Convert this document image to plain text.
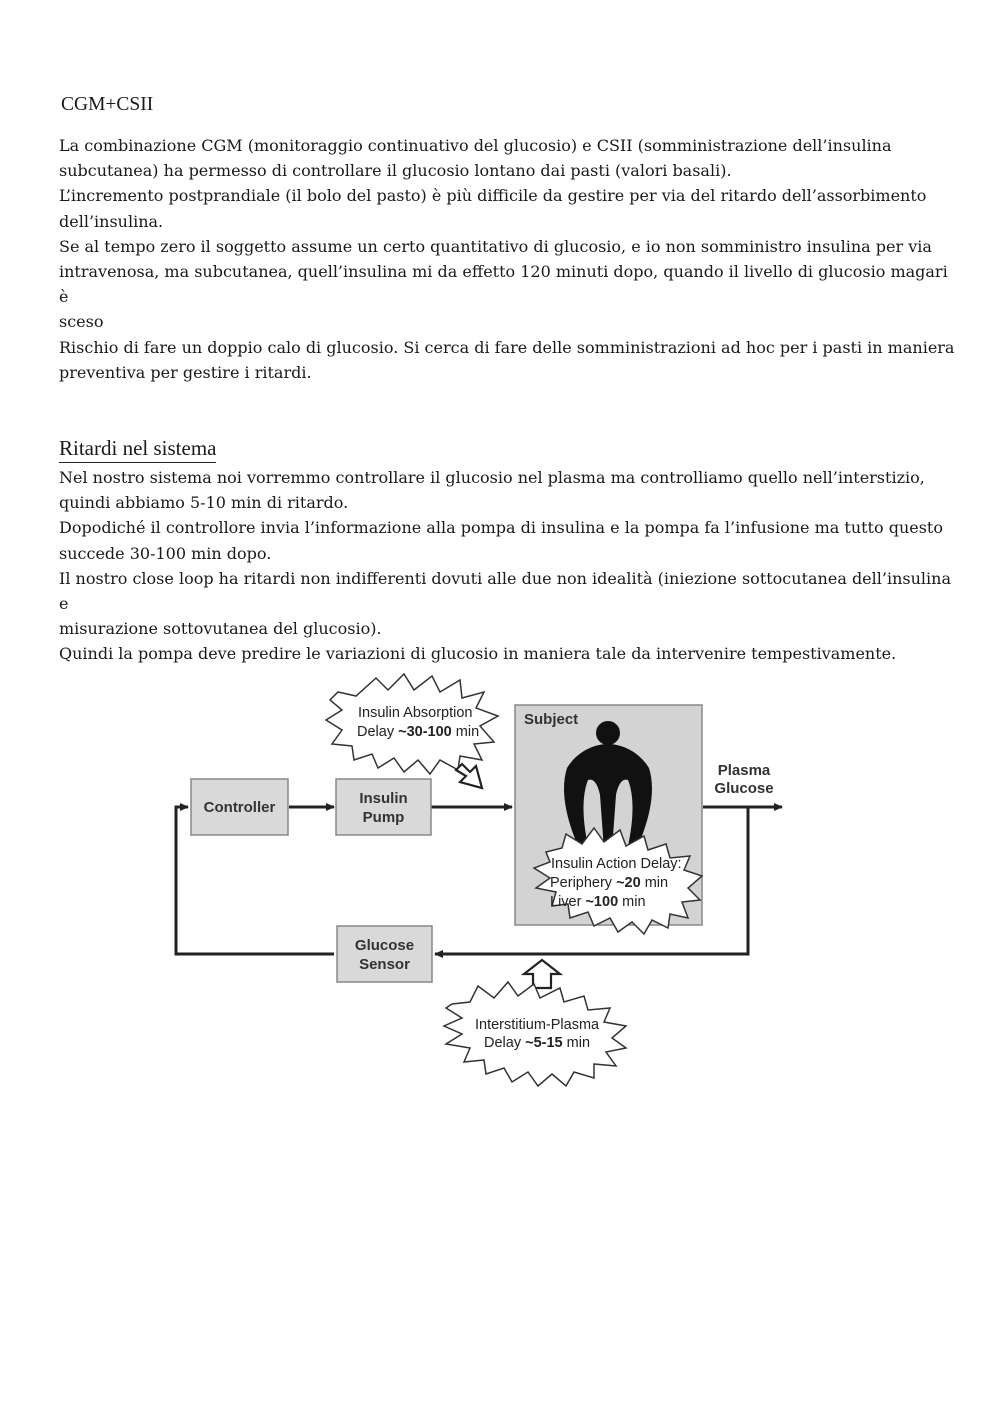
CGM+CSII

La combinazione CGM (monitoraggio continuativo del glucosio) e CSII (somministrazione dell’insulina

subcutanea) ha permesso di controllare il glucosio lontano dai pasti (valori basali).

L’incremento postprandiale (il bolo del pasto) è più difficile da gestire per via del ritardo dell’assorbimento

dell’insulina.

Se al tempo zero il soggetto assume un certo quantitativo di glucosio, e io non somministro insulina per via

intravenosa, ma subcutanea, quell’insulina mi da effetto 120 minuti dopo, quando il livello di glucosio magari è

sceso

Rischio di fare un doppio calo di glucosio. Si cerca di fare delle somministrazioni ad hoc per i pasti in maniera

preventiva per gestire i ritardi.

Ritardi nel sistema

Nel nostro sistema noi vorremmo controllare il glucosio nel plasma ma controlliamo quello nell’interstizio,

quindi abbiamo 5-10 min di ritardo.

Dopodiché il controllore invia l’informazione alla pompa di insulina e la pompa fa l’infusione ma tutto questo

succede 30-100 min dopo.

Il nostro close loop ha ritardi non indifferenti dovuti alle due non idealità (iniezione sottocutanea dell’insulina e

misurazione sottovutanea del glucosio).

Quindi la pompa deve predire le variazioni di glucosio in maniera tale da intervenire tempestivamente.

Controller
Insulin
Pump
Subject
Glucose
Sensor
Plasma
Glucose
Insulin Absorption
Delay ~30-100 min
Insulin Action Delay:
Periphery ~20 min
Liver ~100 min
Interstitium-Plasma
Delay ~5-15 min
